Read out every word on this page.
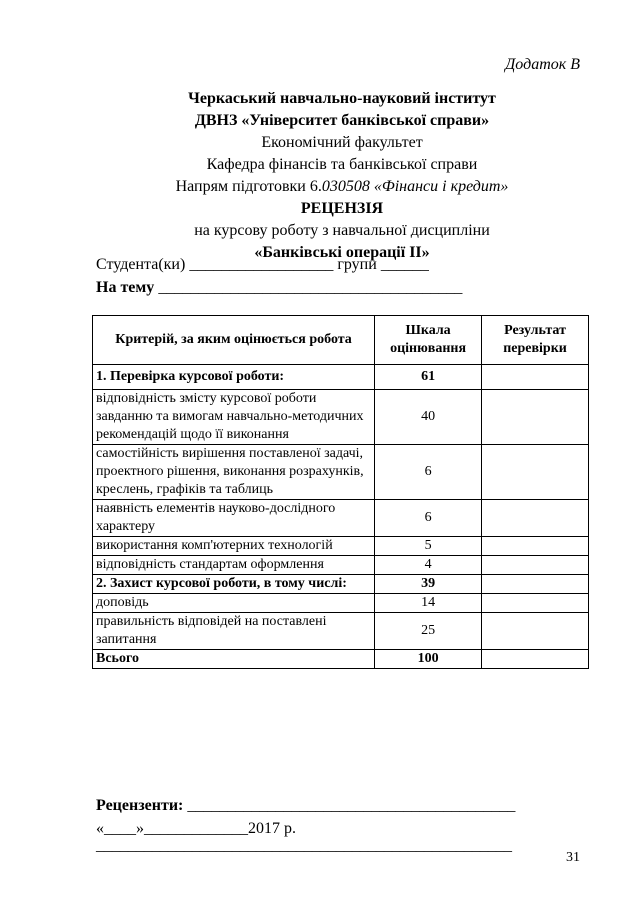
Додаток В
Черкаський навчально-науковий інститут
ДВНЗ «Університет банківської справи»
Економічний факультет
Кафедра фінансів та банківської справи
Напрям підготовки 6.030508 «Фінанси і кредит»
РЕЦЕНЗІЯ
на курсову роботу з навчальної дисципліни
«Банківські операції ІІ»
Студента(ки) __________________ групи ______
На тему ______________________________________
Критерій, за яким оцінюється робота	Шкала оцінювання	Результат перевірки
1. Перевірка курсової роботи:	61	
відповідність змісту курсової роботи завданню та вимогам навчально-методичних рекомендацій щодо її виконання	40	
самостійність вирішення поставленої задачі, проектного рішення, виконання розрахунків, креслень, графіків та таблиць	6	
наявність елементів науково-дослідного характеру	6	
використання комп'ютерних технологій	5	
відповідність стандартам оформлення	4	
2. Захист курсової роботи, в тому числі:	39	
доповідь	14	
правильність відповідей на поставлені запитання	25	
Всього	100	
Рецензенти: _________________________________________
«____»_____________2017 р.
____________________________________________________
31
